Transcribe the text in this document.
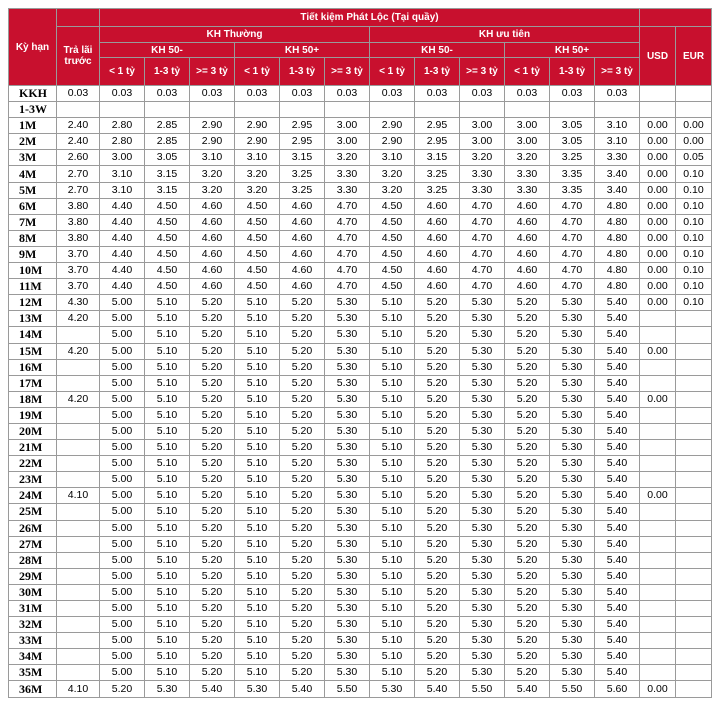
Kỳ hạn		Tiết kiệm Phát Lộc (Tại quầy)													
	Trả lãi trước	KH Thường						KH ưu tiên						USD	EUR
		KH 50-			KH 50+			KH 50-			KH 50+				
		< 1 tỷ	1-3 tỷ	>= 3 tỷ	< 1 tỷ	1-3 tỷ	>= 3 tỷ	< 1 tỷ	1-3 tỷ	>= 3 tỷ	< 1 tỷ	1-3 tỷ	>= 3 tỷ		
KKH	0.03	0.03	0.03	0.03	0.03	0.03	0.03	0.03	0.03	0.03	0.03	0.03	0.03		
1-3W															
1M	2.40	2.80	2.85	2.90	2.90	2.95	3.00	2.90	2.95	3.00	3.00	3.05	3.10	0.00	0.00
2M	2.40	2.80	2.85	2.90	2.90	2.95	3.00	2.90	2.95	3.00	3.00	3.05	3.10	0.00	0.00
3M	2.60	3.00	3.05	3.10	3.10	3.15	3.20	3.10	3.15	3.20	3.20	3.25	3.30	0.00	0.05
4M	2.70	3.10	3.15	3.20	3.20	3.25	3.30	3.20	3.25	3.30	3.30	3.35	3.40	0.00	0.10
5M	2.70	3.10	3.15	3.20	3.20	3.25	3.30	3.20	3.25	3.30	3.30	3.35	3.40	0.00	0.10
6M	3.80	4.40	4.50	4.60	4.50	4.60	4.70	4.50	4.60	4.70	4.60	4.70	4.80	0.00	0.10
7M	3.80	4.40	4.50	4.60	4.50	4.60	4.70	4.50	4.60	4.70	4.60	4.70	4.80	0.00	0.10
8M	3.80	4.40	4.50	4.60	4.50	4.60	4.70	4.50	4.60	4.70	4.60	4.70	4.80	0.00	0.10
9M	3.70	4.40	4.50	4.60	4.50	4.60	4.70	4.50	4.60	4.70	4.60	4.70	4.80	0.00	0.10
10M	3.70	4.40	4.50	4.60	4.50	4.60	4.70	4.50	4.60	4.70	4.60	4.70	4.80	0.00	0.10
11M	3.70	4.40	4.50	4.60	4.50	4.60	4.70	4.50	4.60	4.70	4.60	4.70	4.80	0.00	0.10
12M	4.30	5.00	5.10	5.20	5.10	5.20	5.30	5.10	5.20	5.30	5.20	5.30	5.40	0.00	0.10
13M	4.20	5.00	5.10	5.20	5.10	5.20	5.30	5.10	5.20	5.30	5.20	5.30	5.40		
14M		5.00	5.10	5.20	5.10	5.20	5.30	5.10	5.20	5.30	5.20	5.30	5.40		
15M	4.20	5.00	5.10	5.20	5.10	5.20	5.30	5.10	5.20	5.30	5.20	5.30	5.40	0.00	
16M		5.00	5.10	5.20	5.10	5.20	5.30	5.10	5.20	5.30	5.20	5.30	5.40		
17M		5.00	5.10	5.20	5.10	5.20	5.30	5.10	5.20	5.30	5.20	5.30	5.40		
18M	4.20	5.00	5.10	5.20	5.10	5.20	5.30	5.10	5.20	5.30	5.20	5.30	5.40	0.00	
19M		5.00	5.10	5.20	5.10	5.20	5.30	5.10	5.20	5.30	5.20	5.30	5.40		
20M		5.00	5.10	5.20	5.10	5.20	5.30	5.10	5.20	5.30	5.20	5.30	5.40		
21M		5.00	5.10	5.20	5.10	5.20	5.30	5.10	5.20	5.30	5.20	5.30	5.40		
22M		5.00	5.10	5.20	5.10	5.20	5.30	5.10	5.20	5.30	5.20	5.30	5.40		
23M		5.00	5.10	5.20	5.10	5.20	5.30	5.10	5.20	5.30	5.20	5.30	5.40		
24M	4.10	5.00	5.10	5.20	5.10	5.20	5.30	5.10	5.20	5.30	5.20	5.30	5.40	0.00	
25M		5.00	5.10	5.20	5.10	5.20	5.30	5.10	5.20	5.30	5.20	5.30	5.40		
26M		5.00	5.10	5.20	5.10	5.20	5.30	5.10	5.20	5.30	5.20	5.30	5.40		
27M		5.00	5.10	5.20	5.10	5.20	5.30	5.10	5.20	5.30	5.20	5.30	5.40		
28M		5.00	5.10	5.20	5.10	5.20	5.30	5.10	5.20	5.30	5.20	5.30	5.40		
29M		5.00	5.10	5.20	5.10	5.20	5.30	5.10	5.20	5.30	5.20	5.30	5.40		
30M		5.00	5.10	5.20	5.10	5.20	5.30	5.10	5.20	5.30	5.20	5.30	5.40		
31M		5.00	5.10	5.20	5.10	5.20	5.30	5.10	5.20	5.30	5.20	5.30	5.40		
32M		5.00	5.10	5.20	5.10	5.20	5.30	5.10	5.20	5.30	5.20	5.30	5.40		
33M		5.00	5.10	5.20	5.10	5.20	5.30	5.10	5.20	5.30	5.20	5.30	5.40		
34M		5.00	5.10	5.20	5.10	5.20	5.30	5.10	5.20	5.30	5.20	5.30	5.40		
35M		5.00	5.10	5.20	5.10	5.20	5.30	5.10	5.20	5.30	5.20	5.30	5.40		
36M	4.10	5.20	5.30	5.40	5.30	5.40	5.50	5.30	5.40	5.50	5.40	5.50	5.60	0.00	
